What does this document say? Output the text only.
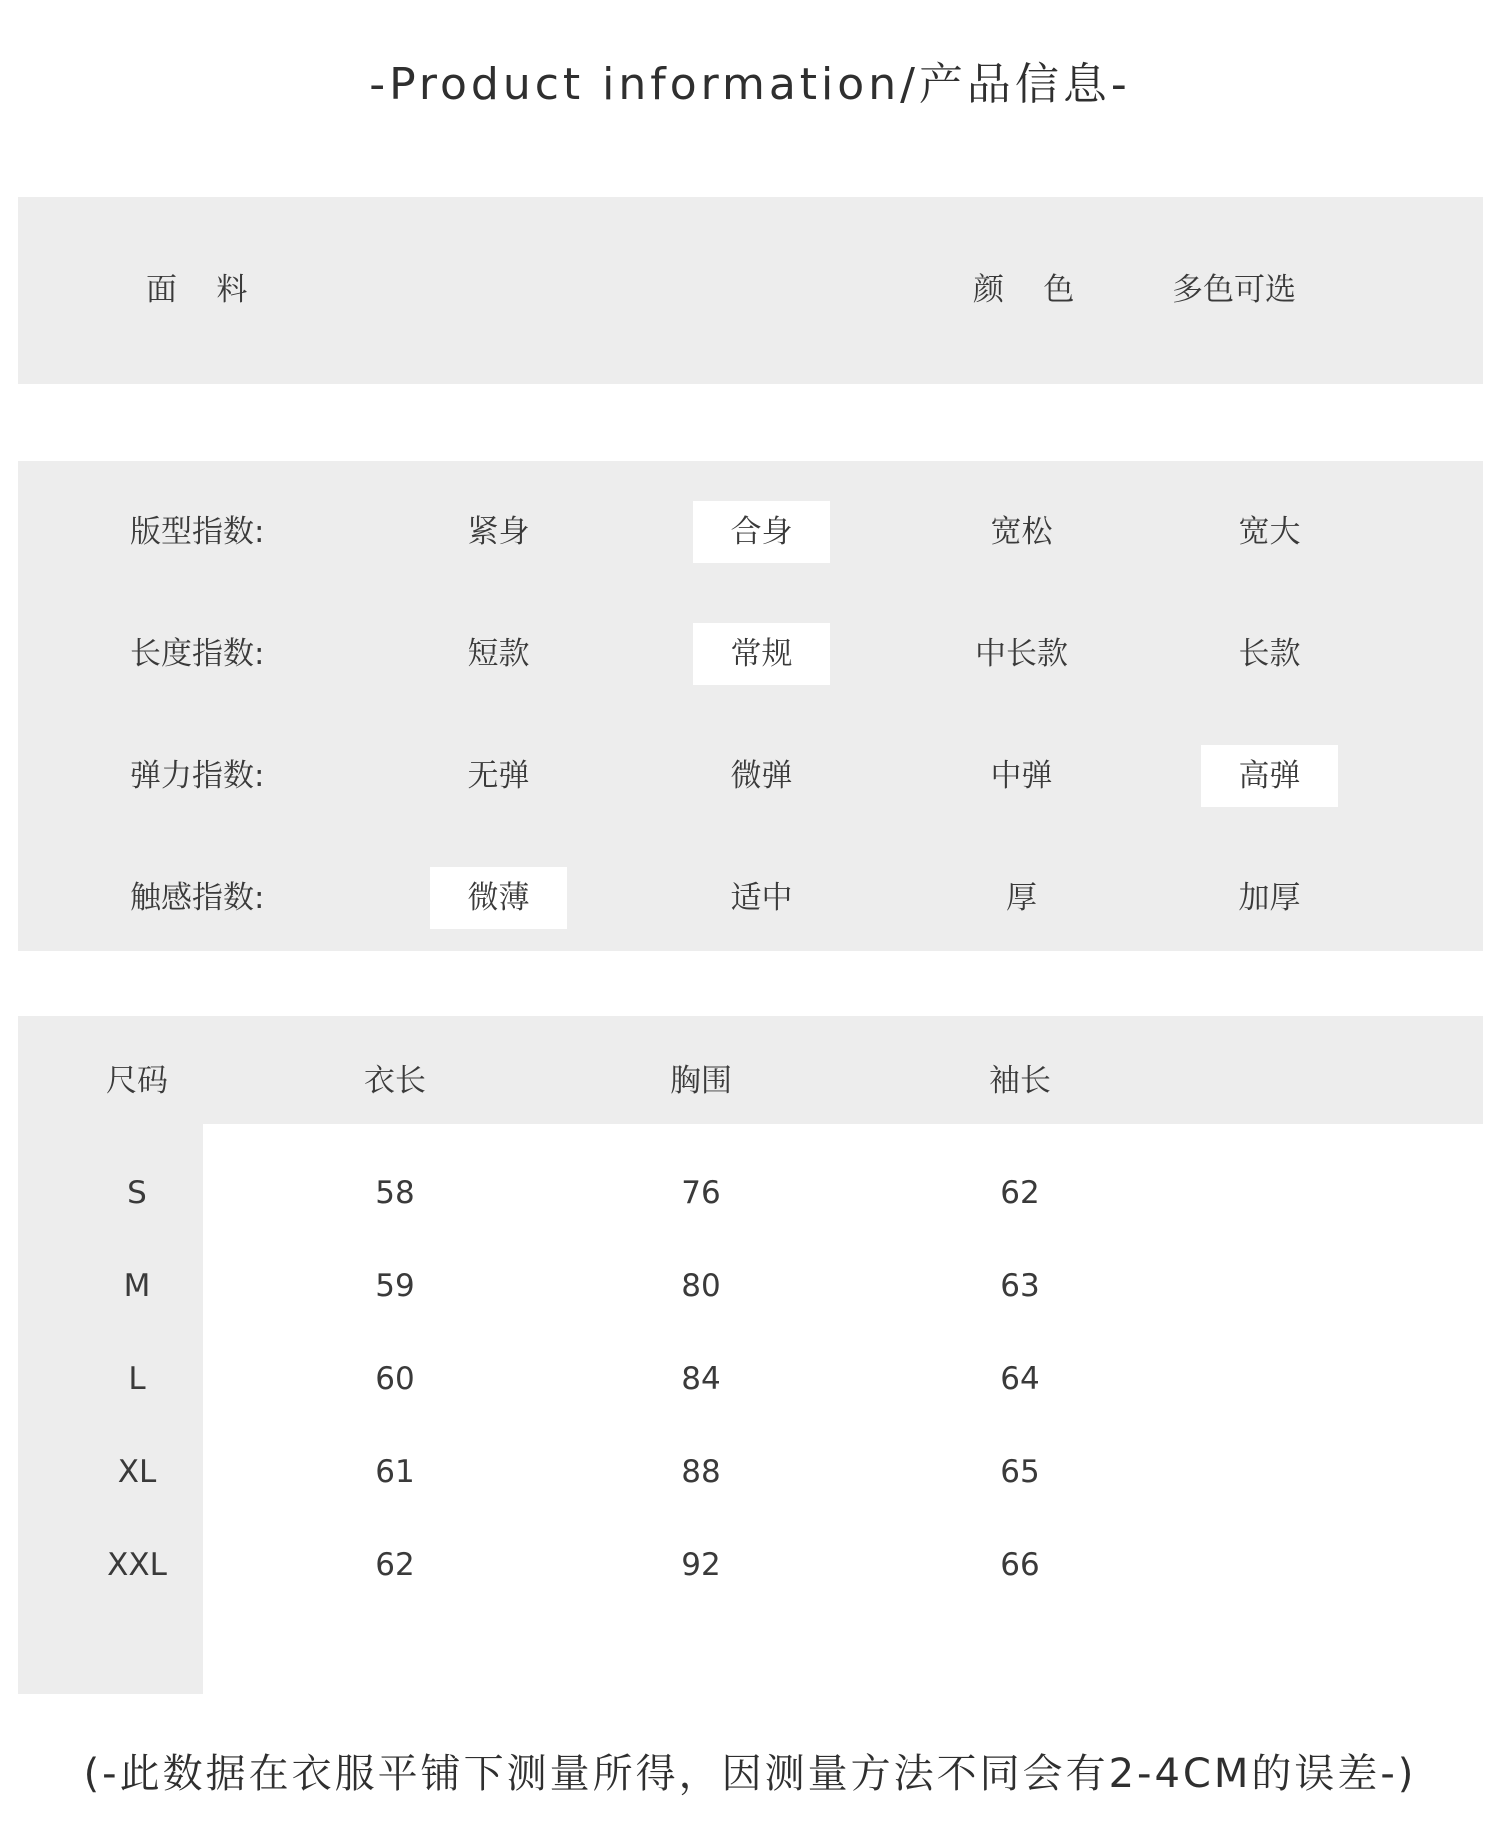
-Product information/产品信息-
面    料	颜    色	多色可选
版型指数:	紧身	合身	宽松	宽大
长度指数:	短款	常规	中长款	长款
弹力指数:	无弹	微弹	中弹	高弹
触感指数:	微薄	适中	厚	加厚
尺码	衣长	胸围	袖长
S	58	76	62
M	59	80	63
L	60	84	64
XL	61	88	65
XXL	62	92	66
(-此数据在衣服平铺下测量所得，因测量方法不同会有2-4CM的误差-)
